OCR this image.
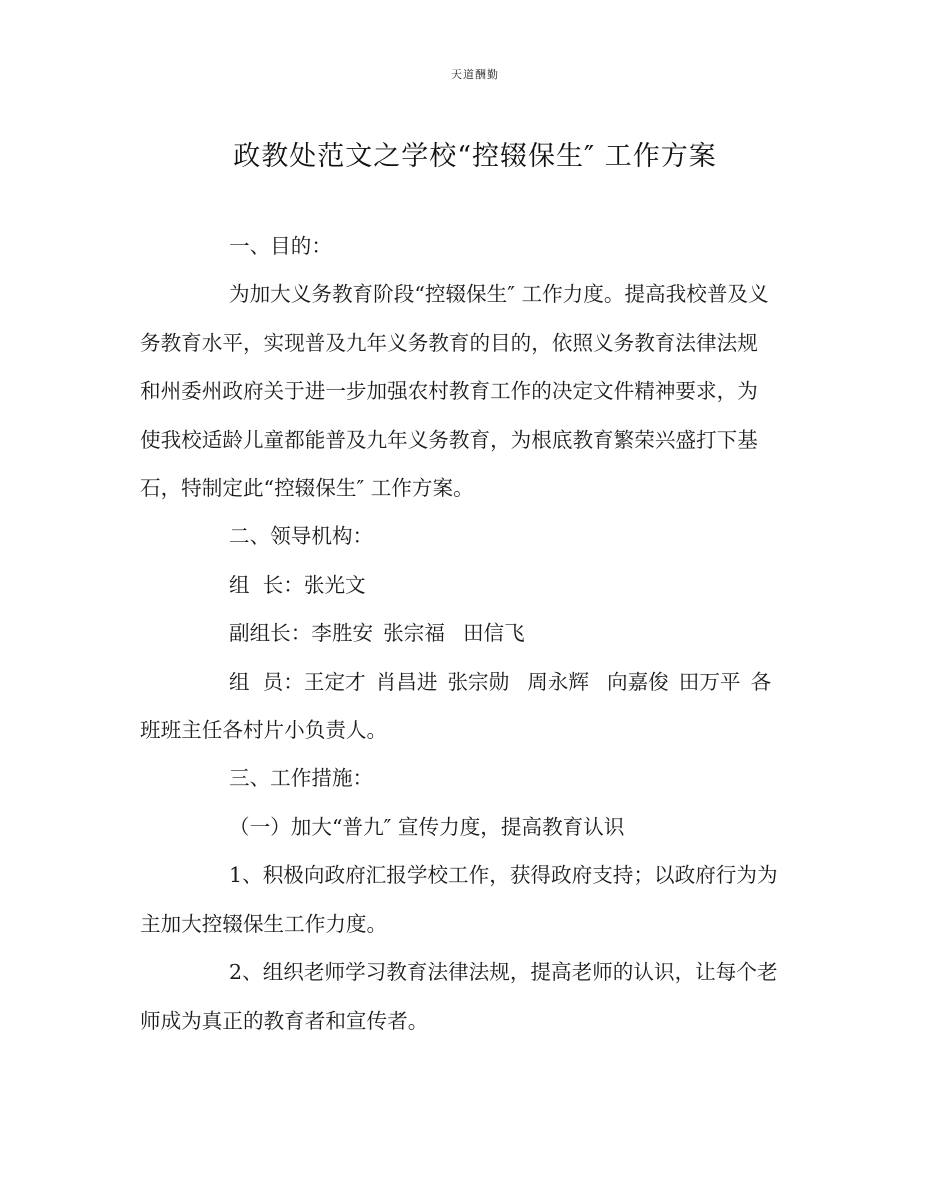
天道酬勤
政教处范文之学校“控辍保生″ 工作方案

一、目的：

为加大义务教育阶段“控辍保生″ 工作力度。提高我校普及义

务教育水平，实现普及九年义务教育的目的，依照义务教育法律法规

和州委州政府关于进一步加强农村教育工作的决定文件精神要求，为

使我校适龄儿童都能普及九年义务教育，为根底教育繁荣兴盛打下基

石，特制定此“控辍保生″ 工作方案。

二、领导机构：

组  长：张光文

副组长：李胜安 张宗福 田信飞

组  员：王定才 肖昌进 张宗勋 周永辉 向嘉俊 田万平 各

班班主任各村片小负责人。

三、工作措施：

（一）加大“普九″ 宣传力度，提高教育认识

1、积极向政府汇报学校工作，获得政府支持；以政府行为为

主加大控辍保生工作力度。

2、组织老师学习教育法律法规，提高老师的认识，让每个老

师成为真正的教育者和宣传者。
